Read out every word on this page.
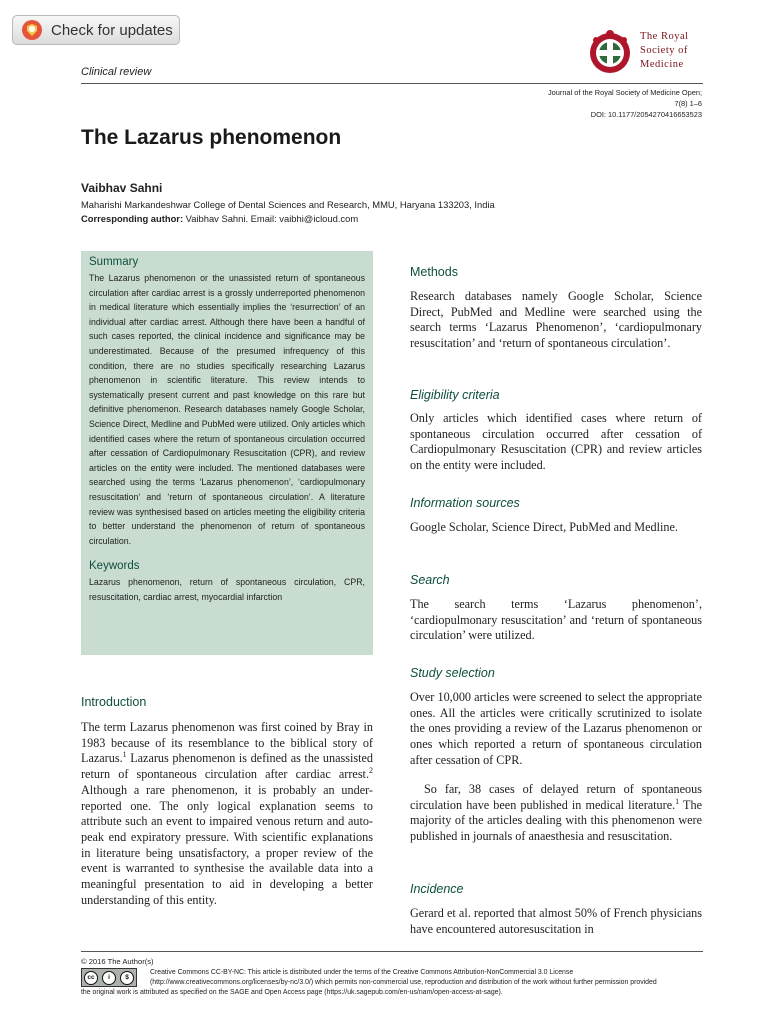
Check for updates
Clinical review
The Royal
Society of
Medicine
Journal of the Royal Society of Medicine Open;
7(8) 1–6
DOI: 10.1177/2054270416653523
The Lazarus phenomenon
Vaibhav Sahni
Maharishi Markandeshwar College of Dental Sciences and Research, MMU, Haryana 133203, India
Corresponding author: Vaibhav Sahni. Email: vaibhi@icloud.com
Summary

The Lazarus phenomenon or the unassisted return of spontaneous circulation after cardiac arrest is a grossly underreported phenomenon in medical literature which essentially implies the ‘resurrection’ of an individual after cardiac arrest. Although there have been a handful of such cases reported, the clinical incidence and significance may be underestimated. Because of the presumed infrequency of this condition, there are no studies specifically researching Lazarus phenomenon in scientific literature. This review intends to systematically present current and past knowledge on this rare but definitive phenomenon. Research databases namely Google Scholar, Science Direct, Medline and PubMed were utilized. Only articles which identified cases where the return of spontaneous circulation occurred after cessation of Cardiopulmonary Resuscitation (CPR), and review articles on the entity were included. The mentioned databases were searched using the terms ‘Lazarus phenomenon’, ‘cardiopulmonary resuscitation’ and ‘return of spontaneous circulation’. A literature review was synthesised based on articles meeting the eligibility criteria to better understand the phenomenon of return of spontaneous circulation.

Keywords

Lazarus phenomenon, return of spontaneous circulation, CPR, resuscitation, cardiac arrest, myocardial infarction

Introduction

The term Lazarus phenomenon was first coined by Bray in 1983 because of its resemblance to the biblical story of Lazarus.$^1$ Lazarus phenomenon is defined as the unassisted return of spontaneous circulation after cardiac arrest.$^2$ Although a rare phenomenon, it is probably an under-reported one. The only logical explanation seems to attribute such an event to impaired venous return and auto-peak end expiratory pressure. With scientific explanations in literature being unsatisfactory, a proper review of the event is warranted to synthesise the available data into a meaningful presentation to aid in developing a better understanding of this entity.

Methods

Research databases namely Google Scholar, Science Direct, PubMed and Medline were searched using the search terms ‘Lazarus Phenomenon’, ‘cardiopulmonary resuscitation’ and ‘return of spontaneous circulation’.

Eligibility criteria

Only articles which identified cases where return of spontaneous circulation occurred after cessation of Cardiopulmonary Resuscitation (CPR) and review articles on the entity were included.

Information sources

Google Scholar, Science Direct, PubMed and Medline.

Search

The search terms ‘Lazarus phenomenon’, ‘cardiopulmonary resuscitation’ and ‘return of spontaneous circulation’ were utilized.

Study selection

Over 10,000 articles were screened to select the appropriate ones. All the articles were critically scrutinized to isolate the ones providing a review of the Lazarus phenomenon or ones which reported a return of spontaneous circulation after cessation of CPR.

So far, 38 cases of delayed return of spontaneous circulation have been published in medical literature.$^1$ The majority of the articles dealing with this phenomenon were published in journals of anaesthesia and resuscitation.

Incidence

Gerard et al. reported that almost 50% of French physicians have encountered autoresuscitation in

© 2016 The Author(s)
cc	i	$
Creative Commons CC-BY-NC: This article is distributed under the terms of the Creative Commons Attribution-NonCommercial 3.0 License (http://www.creativecommons.org/licenses/by-nc/3.0/) which permits non-commercial use, reproduction and distribution of the work without further permission provided
the original work is attributed as specified on the SAGE and Open Access page (https://uk.sagepub.com/en-us/nam/open-access-at-sage).
